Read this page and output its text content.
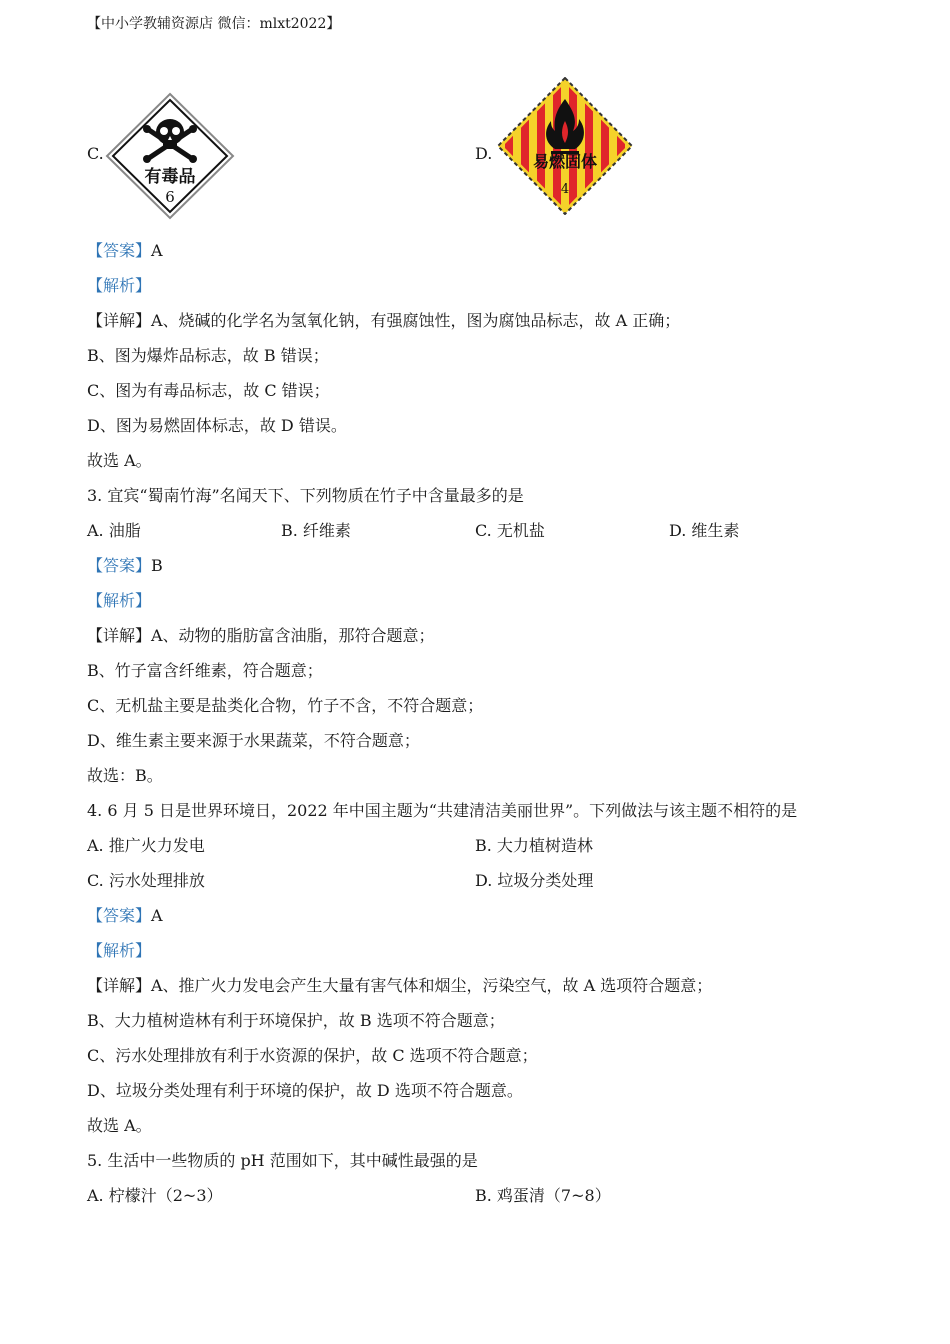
【中小学教辅资源店 微信：mlxt2022】
C.
有毒品
6
D.	易燃固体
4
【答案】A
【解析】
【详解】A、烧碱的化学名为氢氧化钠，有强腐蚀性，图为腐蚀品标志，故 A 正确；
B、图为爆炸品标志，故 B 错误；
C、图为有毒品标志，故 C 错误；
D、图为易燃固体标志，故 D 错误。
故选 A。
3. 宜宾“蜀南竹海”名闻天下、下列物质在竹子中含量最多的是
A. 油脂	B. 纤维素	C. 无机盐	D. 维生素
【答案】B
【解析】
【详解】A、动物的脂肪富含油脂，那符合题意；
B、竹子富含纤维素，符合题意；
C、无机盐主要是盐类化合物，竹子不含，不符合题意；
D、维生素主要来源于水果蔬菜，不符合题意；
故选：B。
4. 6 月 5 日是世界环境日，2022 年中国主题为“共建清洁美丽世界”。下列做法与该主题不相符的是
A. 推广火力发电	B. 大力植树造林
C. 污水处理排放	D. 垃圾分类处理
【答案】A
【解析】
【详解】A、推广火力发电会产生大量有害气体和烟尘，污染空气，故 A 选项符合题意；
B、大力植树造林有利于环境保护，故 B 选项不符合题意；
C、污水处理排放有利于水资源的保护，故 C 选项不符合题意；
D、垃圾分类处理有利于环境的保护，故 D 选项不符合题意。
故选 A。
5. 生活中一些物质的 pH 范围如下，其中碱性最强的是
A. 柠檬汁（2~3）	B. 鸡蛋清（7~8）
